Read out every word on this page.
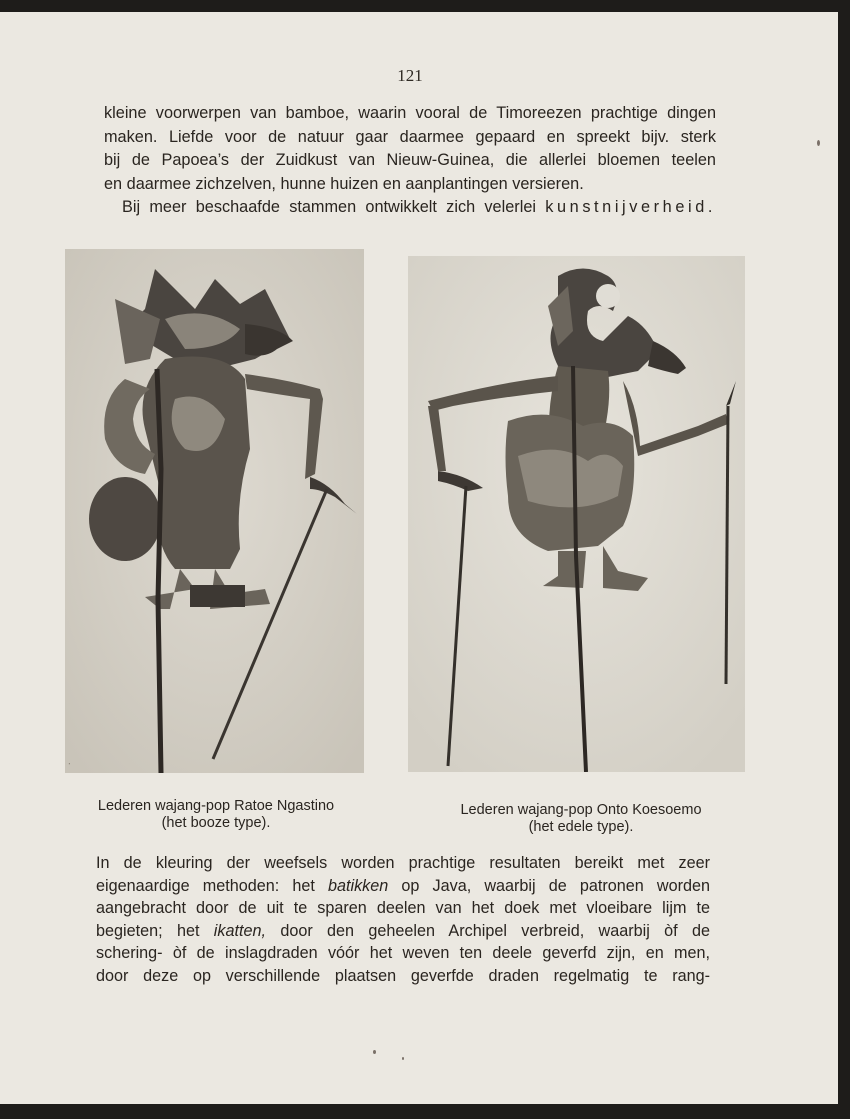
121
kleine voorwerpen van bamboe, waarin vooral de Timoreezen prachtige dingen
maken. Liefde voor de natuur gaar daarmee gepaard en spreekt bijv. sterk
bij de Papoea’s der Zuidkust van Nieuw-Guinea, die allerlei bloemen teelen
en daarmee zichzelven, hunne huizen en aanplantingen versieren.
Bij meer beschaafde stammen ontwikkelt zich velerlei kunstnijverheid.
ᐧ
Lederen wajang-pop Ratoe Ngastino
(het booze type).
Lederen wajang-pop Onto Koesoemo
(het edele type).
In de kleuring der weefsels worden prachtige resultaten bereikt met zeer
eigenaardige methoden: het batikken op Java, waarbij de patronen worden
aangebracht door de uit te sparen deelen van het doek met vloeibare lijm te
begieten; het ikatten, door den geheelen Archipel verbreid, waarbij òf de
schering- òf de inslagdraden vóór het weven ten deele geverfd zijn, en men,
door deze op verschillende plaatsen geverfde draden regelmatig te rang-
